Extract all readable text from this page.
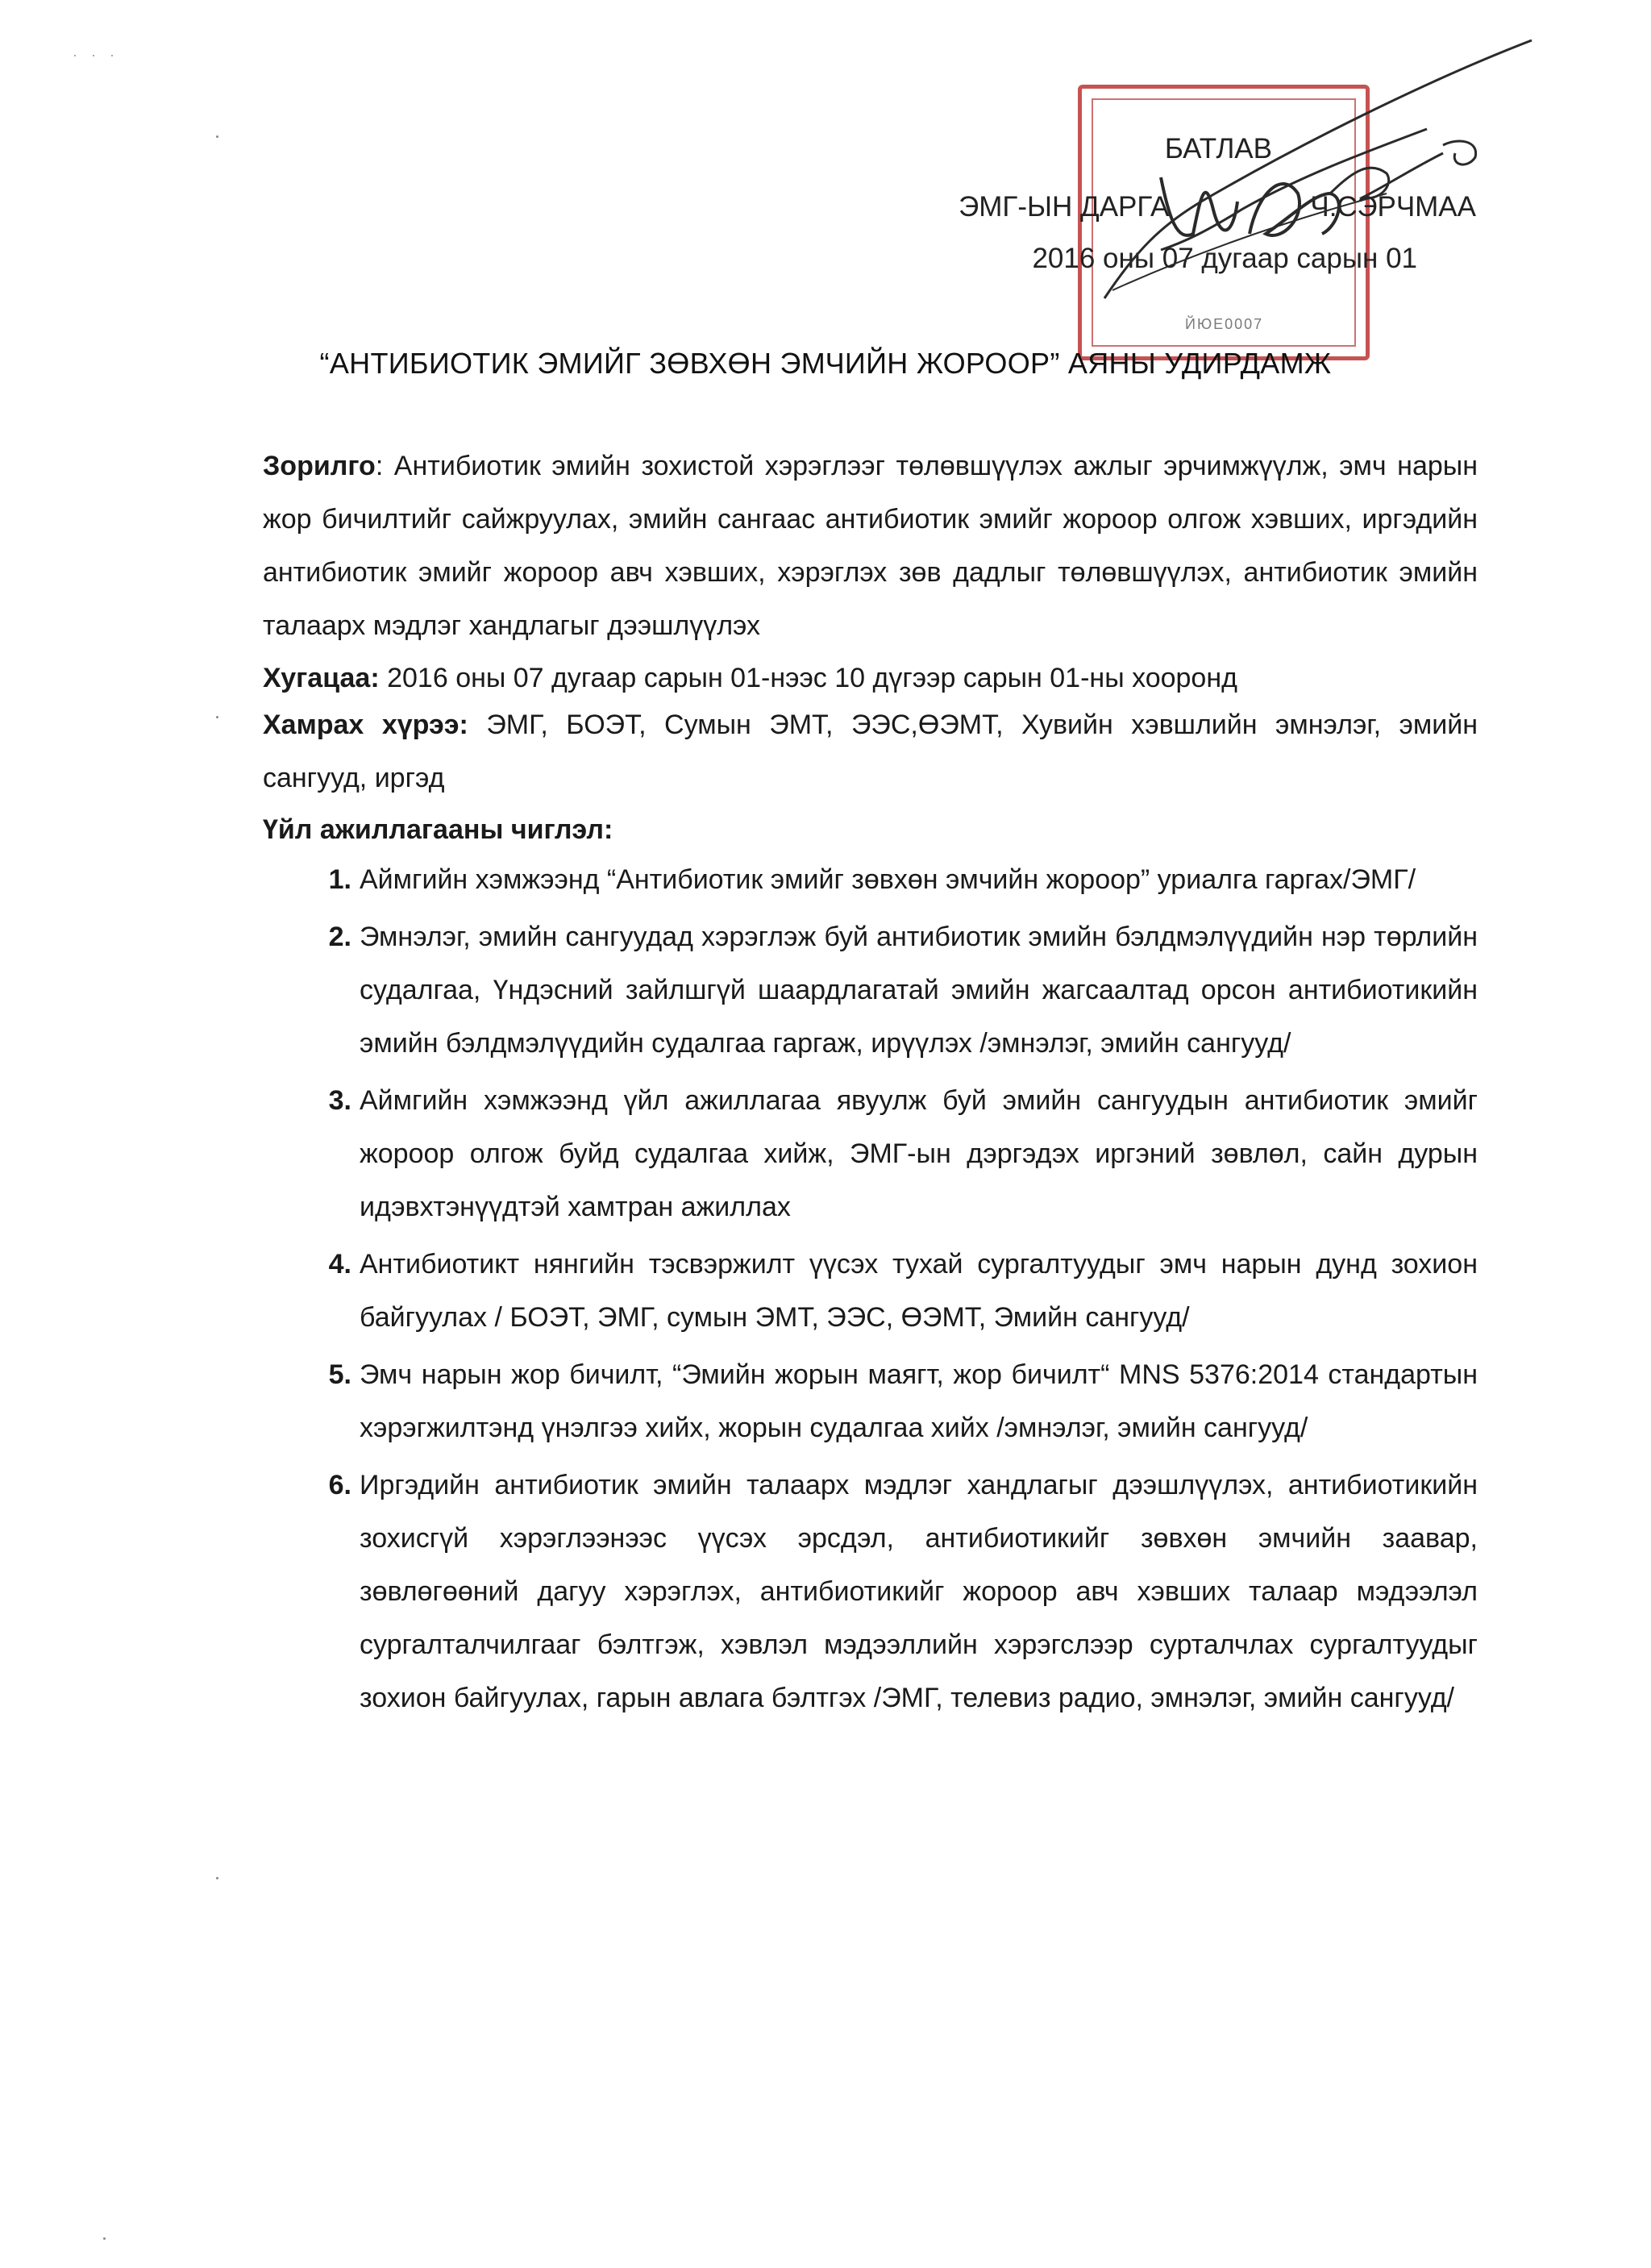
· · ·
ЙЮЕ0007
БАТЛАВ
ЭМГ-ЫН ДАРГА                  Ч.СЭРЧМАА
2016 оны 07 дугаар сарын 01
“АНТИБИОТИК ЭМИЙГ ЗӨВХӨН ЭМЧИЙН ЖОРООР” АЯНЫ УДИРДАМЖ
Зорилго: Антибиотик эмийн зохистой хэрэглээг төлөвшүүлэх ажлыг эрчимжүүлж, эмч нарын жор бичилтийг сайжруулах, эмийн сангаас антибиотик эмийг жороор олгож хэвших, иргэдийн антибиотик эмийг жороор авч хэвших, хэрэглэх зөв дадлыг төлөвшүүлэх, антибиотик эмийн талаарх мэдлэг хандлагыг дээшлүүлэх
Хугацаа: 2016 оны 07 дугаар сарын 01-нээс 10 дүгээр сарын 01-ны хооронд
Хамрах хүрээ: ЭМГ, БОЭТ, Сумын ЭМТ, ЭЭС,ӨЭМТ, Хувийн хэвшлийн эмнэлэг, эмийн сангууд, иргэд
Үйл ажиллагааны чиглэл:
1. Аймгийн хэмжээнд “Антибиотик эмийг зөвхөн эмчийн жороор” уриалга гаргах/ЭМГ/
2. Эмнэлэг, эмийн сангуудад хэрэглэж буй антибиотик эмийн бэлдмэлүүдийн нэр төрлийн судалгаа, Үндэсний зайлшгүй шаардлагатай эмийн жагсаалтад орсон антибиотикийн эмийн бэлдмэлүүдийн судалгаа гаргаж, ирүүлэх /эмнэлэг, эмийн сангууд/
3. Аймгийн хэмжээнд үйл ажиллагаа явуулж буй эмийн сангуудын антибиотик эмийг жороор олгож буйд судалгаа хийж, ЭМГ-ын дэргэдэх иргэний зөвлөл, сайн дурын идэвхтэнүүдтэй хамтран ажиллах
4. Антибиотикт нянгийн тэсвэржилт үүсэх тухай сургалтуудыг эмч нарын дунд зохион байгуулах / БОЭТ, ЭМГ, сумын ЭМТ, ЭЭС, ӨЭМТ, Эмийн сангууд/
5. Эмч нарын жор бичилт, “Эмийн жорын маягт, жор бичилт“ MNS 5376:2014 стандартын хэрэгжилтэнд үнэлгээ хийх, жорын судалгаа хийх /эмнэлэг, эмийн сангууд/
6. Иргэдийн антибиотик эмийн талаарх мэдлэг хандлагыг дээшлүүлэх, антибиотикийн зохисгүй хэрэглээнээс үүсэх эрсдэл, антибиотикийг зөвхөн эмчийн заавар, зөвлөгөөний дагуу хэрэглэх, антибиотикийг жороор авч хэвших талаар мэдээлэл сургалталчилгааг бэлтгэж, хэвлэл мэдээллийн хэрэгслээр сурталчлах сургалтуудыг зохион байгуулах, гарын авлага бэлтгэх /ЭМГ, телевиз радио, эмнэлэг, эмийн сангууд/
